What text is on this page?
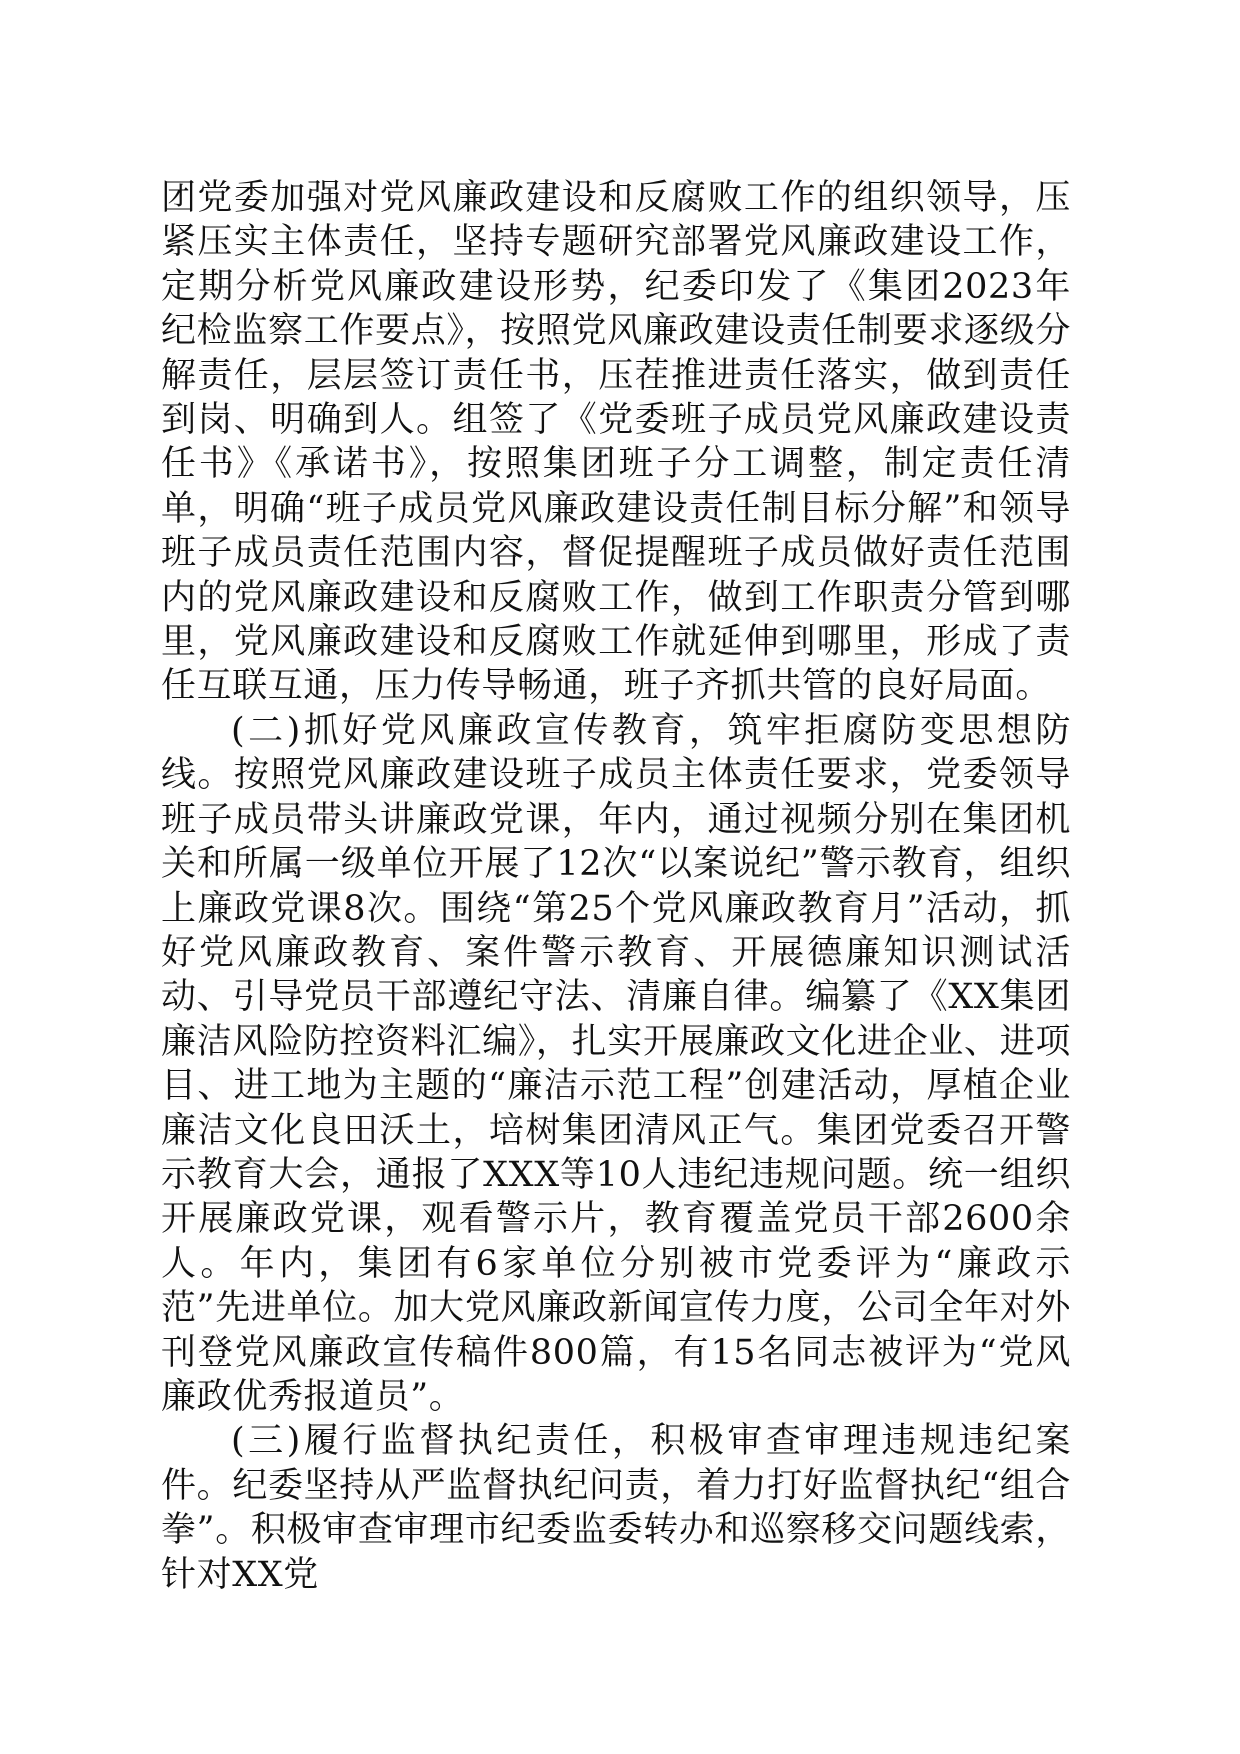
团党委加强对党风廉政建设和反腐败工作的组织领导，压紧压实主体责任，坚持专题研究部署党风廉政建设工作，定期分析党风廉政建设形势，纪委印发了《集团2023年纪检监察工作要点》，按照党风廉政建设责任制要求逐级分解责任，层层签订责任书，压茬推进责任落实，做到责任到岗、明确到人。组签了《党委班子成员党风廉政建设责任书》《承诺书》，按照集团班子分工调整，制定责任清单，明确“班子成员党风廉政建设责任制目标分解”和领导班子成员责任范围内容，督促提醒班子成员做好责任范围内的党风廉政建设和反腐败工作，做到工作职责分管到哪里，党风廉政建设和反腐败工作就延伸到哪里，形成了责任互联互通，压力传导畅通，班子齐抓共管的良好局面。

(二)抓好党风廉政宣传教育，筑牢拒腐防变思想防线。按照党风廉政建设班子成员主体责任要求，党委领导班子成员带头讲廉政党课，年内，通过视频分别在集团机关和所属一级单位开展了12次“以案说纪”警示教育，组织上廉政党课8次。围绕“第25个党风廉政教育月”活动，抓好党风廉政教育、案件警示教育、开展德廉知识测试活动、引导党员干部遵纪守法、清廉自律。编纂了《XX集团廉洁风险防控资料汇编》，扎实开展廉政文化进企业、进项目、进工地为主题的“廉洁示范工程”创建活动，厚植企业廉洁文化良田沃土，培树集团清风正气。集团党委召开警示教育大会，通报了XXX等10人违纪违规问题。统一组织开展廉政党课，观看警示片，教育覆盖党员干部2600余人。年内，集团有6家单位分别被市党委评为“廉政示范”先进单位。加大党风廉政新闻宣传力度，公司全年对外刊登党风廉政宣传稿件800篇，有15名同志被评为“党风廉政优秀报道员”。

(三)履行监督执纪责任，积极审查审理违规违纪案件。纪委坚持从严监督执纪问责，着力打好监督执纪“组合拳”。积极审查审理市纪委监委转办和巡察移交问题线索，针对XX党
